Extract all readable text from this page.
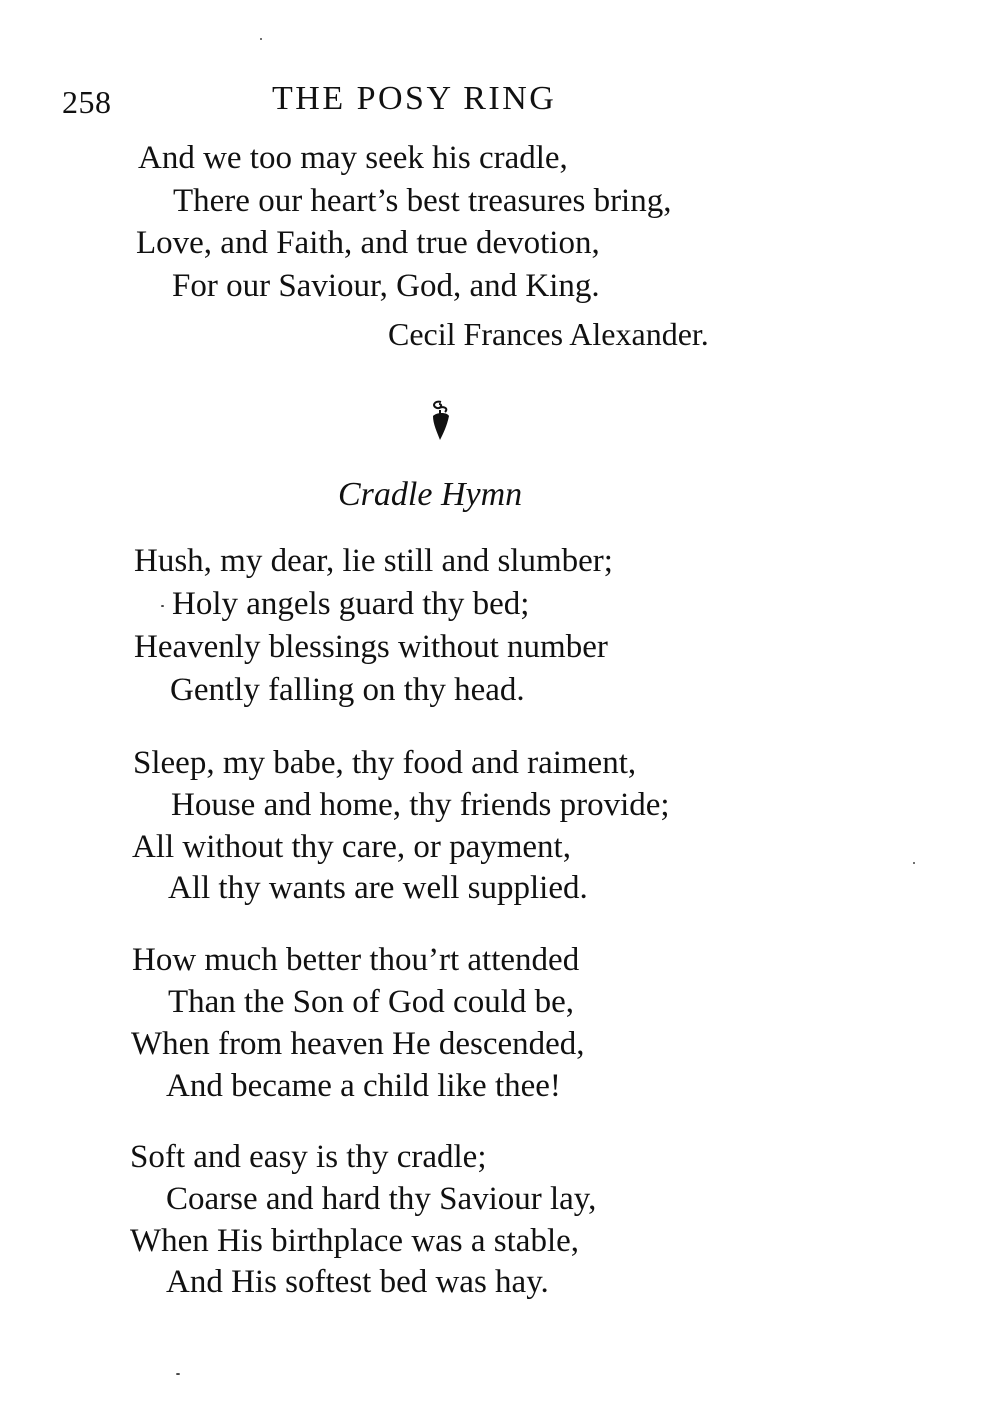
258	THE POSY RING
And we too may seek his cradle,
There our heart’s best treasures bring,
Love, and Faith, and true devotion,
For our Saviour, God, and King.
Cecil Frances Alexander.
Cradle Hymn
Hush, my dear, lie still and slumber;
Holy angels guard thy bed;
Heavenly blessings without number
Gently falling on thy head.
Sleep, my babe, thy food and raiment,
House and home, thy friends provide;
All without thy care, or payment,
All thy wants are well supplied.
How much better thou’rt attended
Than the Son of God could be,
When from heaven He descended,
And became a child like thee!
Soft and easy is thy cradle;
Coarse and hard thy Saviour lay,
When His birthplace was a stable,
And His softest bed was hay.
